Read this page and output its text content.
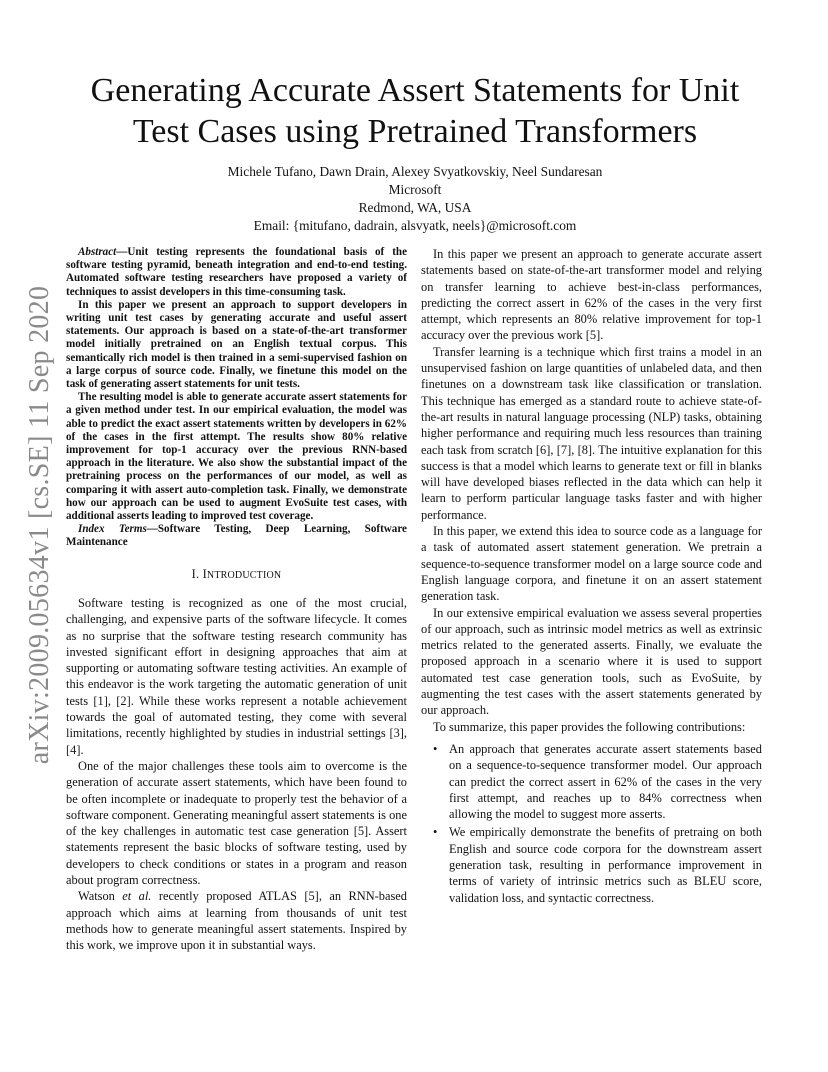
arXiv:2009.05634v1 [cs.SE] 11 Sep 2020
Generating Accurate Assert Statements for Unit
Test Cases using Pretrained Transformers
Michele Tufano, Dawn Drain, Alexey Svyatkovskiy, Neel Sundaresan
Microsoft
Redmond, WA, USA
Email: {mitufano, dadrain, alsvyatk, neels}@microsoft.com

Abstract—Unit testing represents the foundational basis of the software testing pyramid, beneath integration and end-to-end testing. Automated software testing researchers have proposed a variety of techniques to assist developers in this time-consuming task.

In this paper we present an approach to support developers in writing unit test cases by generating accurate and useful assert statements. Our approach is based on a state-of-the-art transformer model initially pretrained on an English textual corpus. This semantically rich model is then trained in a semi-supervised fashion on a large corpus of source code. Finally, we finetune this model on the task of generating assert statements for unit tests.

The resulting model is able to generate accurate assert statements for a given method under test. In our empirical evaluation, the model was able to predict the exact assert statements written by developers in 62% of the cases in the first attempt. The results show 80% relative improvement for top-1 accuracy over the previous RNN-based approach in the literature. We also show the substantial impact of the pretraining process on the performances of our model, as well as comparing it with assert auto-completion task. Finally, we demonstrate how our approach can be used to augment EvoSuite test cases, with additional asserts leading to improved test coverage.

Index Terms—Software Testing, Deep Learning, Software Maintenance

I. INTRODUCTION

Software testing is recognized as one of the most crucial, challenging, and expensive parts of the software lifecycle. It comes as no surprise that the software testing research community has invested significant effort in designing approaches that aim at supporting or automating software testing activities. An example of this endeavor is the work targeting the automatic generation of unit tests [1], [2]. While these works represent a notable achievement towards the goal of automated testing, they come with several limitations, recently highlighted by studies in industrial settings [3], [4].

One of the major challenges these tools aim to overcome is the generation of accurate assert statements, which have been found to be often incomplete or inadequate to properly test the behavior of a software component. Generating meaningful assert statements is one of the key challenges in automatic test case generation [5]. Assert statements represent the basic blocks of software testing, used by developers to check conditions or states in a program and reason about program correctness.

Watson et al. recently proposed ATLAS [5], an RNN-based approach which aims at learning from thousands of unit test methods how to generate meaningful assert statements. Inspired by this work, we improve upon it in substantial ways.

In this paper we present an approach to generate accurate assert statements based on state-of-the-art transformer model and relying on transfer learning to achieve best-in-class performances, predicting the correct assert in 62% of the cases in the very first attempt, which represents an 80% relative improvement for top-1 accuracy over the previous work [5].

Transfer learning is a technique which first trains a model in an unsupervised fashion on large quantities of unlabeled data, and then finetunes on a downstream task like classification or translation. This technique has emerged as a standard route to achieve state-of-the-art results in natural language processing (NLP) tasks, obtaining higher performance and requiring much less resources than training each task from scratch [6], [7], [8]. The intuitive explanation for this success is that a model which learns to generate text or fill in blanks will have developed biases reflected in the data which can help it learn to perform particular language tasks faster and with higher performance.

In this paper, we extend this idea to source code as a language for a task of automated assert statement generation. We pretrain a sequence-to-sequence transformer model on a large source code and English language corpora, and finetune it on an assert statement generation task.

In our extensive empirical evaluation we assess several properties of our approach, such as intrinsic model metrics as well as extrinsic metrics related to the generated asserts. Finally, we evaluate the proposed approach in a scenario where it is used to support automated test case generation tools, such as EvoSuite, by augmenting the test cases with the assert statements generated by our approach.

To summarize, this paper provides the following contributions:

• An approach that generates accurate assert statements based on a sequence-to-sequence transformer model. Our approach can predict the correct assert in 62% of the cases in the very first attempt, and reaches up to 84% correctness when allowing the model to suggest more asserts.
• We empirically demonstrate the benefits of pretraing on both English and source code corpora for the downstream assert generation task, resulting in performance improvement in terms of variety of intrinsic metrics such as BLEU score, validation loss, and syntactic correctness.
